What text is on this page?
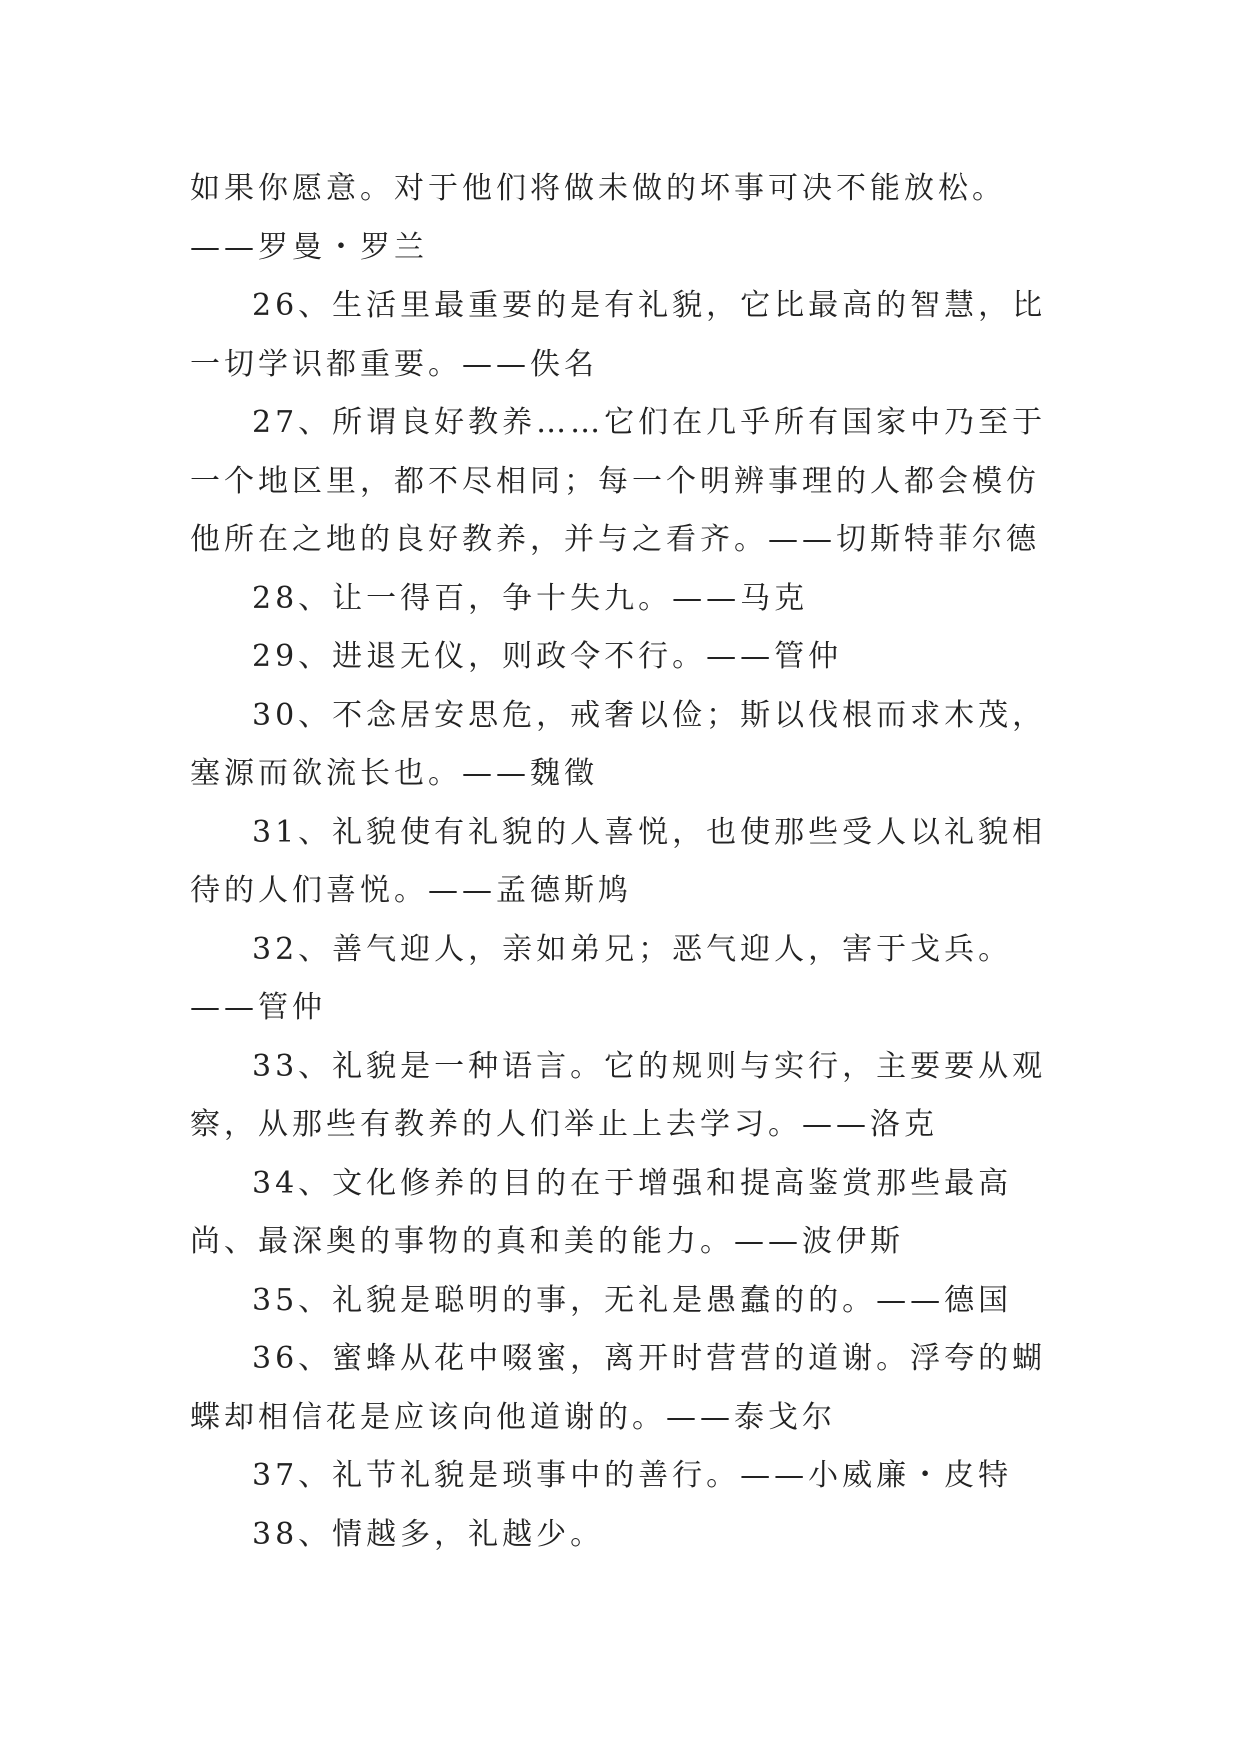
如果你愿意。对于他们将做未做的坏事可决不能放松。——罗曼・罗兰

26、生活里最重要的是有礼貌，它比最高的智慧，比一切学识都重要。——佚名

27、所谓良好教养……它们在几乎所有国家中乃至于一个地区里，都不尽相同；每一个明辨事理的人都会模仿他所在之地的良好教养，并与之看齐。——切斯特菲尔德

28、让一得百，争十失九。——马克

29、进退无仪，则政令不行。——管仲

30、不念居安思危，戒奢以俭；斯以伐根而求木茂，塞源而欲流长也。——魏徵

31、礼貌使有礼貌的人喜悦，也使那些受人以礼貌相待的人们喜悦。——孟德斯鸠

32、善气迎人，亲如弟兄；恶气迎人，害于戈兵。——管仲

33、礼貌是一种语言。它的规则与实行，主要要从观察，从那些有教养的人们举止上去学习。——洛克

34、文化修养的目的在于增强和提高鉴赏那些最高尚、最深奥的事物的真和美的能力。——波伊斯

35、礼貌是聪明的事，无礼是愚蠢的的。——德国

36、蜜蜂从花中啜蜜，离开时营营的道谢。浮夸的蝴蝶却相信花是应该向他道谢的。——泰戈尔

37、礼节礼貌是琐事中的善行。——小威廉・皮特

38、情越多，礼越少。
